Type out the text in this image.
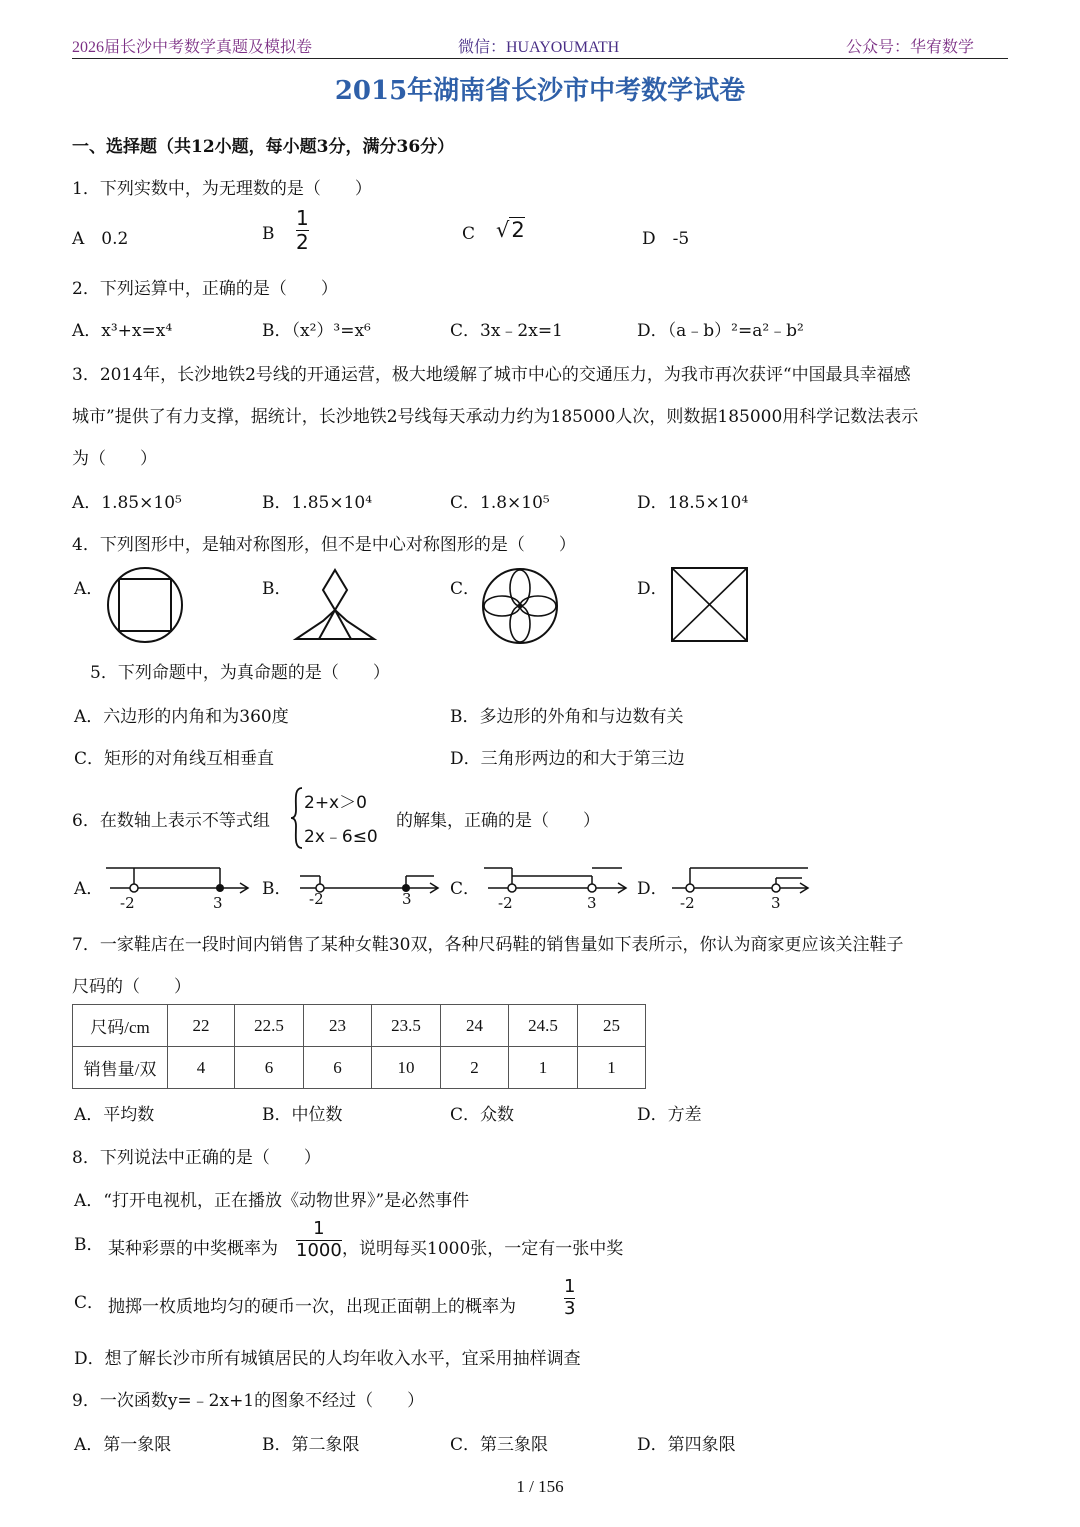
2026届长沙中考数学真题及模拟卷	微信：HUAYOUMATH	公众号：华宥数学
2015年湖南省长沙市中考数学试卷
一、选择题（共12小题，每小题3分，满分36分）
1．下列实数中，为无理数的是（　　）
A　0.2	B $\frac{1}{2}$	C √2	D　-5
2．下列运算中，正确的是（　　）
A．x³+x=x⁴	B．（x²）³=x⁶	C．3x﹣2x=1	D．（a﹣b）²=a²﹣b²
3．2014年，长沙地铁2号线的开通运营，极大地缓解了城市中心的交通压力，为我市再次获评“中国最具幸福感
城市”提供了有力支撑，据统计，长沙地铁2号线每天承动力约为185000人次，则数据185000用科学记数法表示
为（　　）
A．1.85×10⁵	B．1.85×10⁴	C．1.8×10⁵	D．18.5×10⁴
4．下列图形中，是轴对称图形，但不是中心对称图形的是（　　）
A．	B．	C．	D．
5．下列命题中，为真命题的是（　　）
A．六边形的内角和为360度	B．多边形的外角和与边数有关
C．矩形的对角线互相垂直	D．三角形两边的和大于第三边
6．在数轴上表示不等式组
2+x＞0
2x﹣6≤0
的解集，正确的是（　　）
A．
-2	3
B． -2	3 C．
-2	3
D．
-2	3
7．一家鞋店在一段时间内销售了某种女鞋30双，各种尺码鞋的销售量如下表所示，你认为商家更应该关注鞋子
尺码的（　　）
尺码/cm	22	22.5	23	23.5	24	24.5	25
销售量/双	4	6	6	10	2	1	1
A．平均数	B．中位数	C．众数	D．方差
8．下列说法中正确的是（　　）
A．“打开电视机，正在播放《动物世界》”是必然事件
B． 某种彩票的中奖概率为 $\frac{1}{1000}$ ，说明每买1000张，一定有一张中奖
C． 抛掷一枚质地均匀的硬币一次，出现正面朝上的概率为	$\frac{1}{3}$
D．想了解长沙市所有城镇居民的人均年收入水平，宜采用抽样调查
9．一次函数y=﹣2x+1的图象不经过（　　）
A．第一象限	B．第二象限	C．第三象限	D．第四象限
1 / 156
